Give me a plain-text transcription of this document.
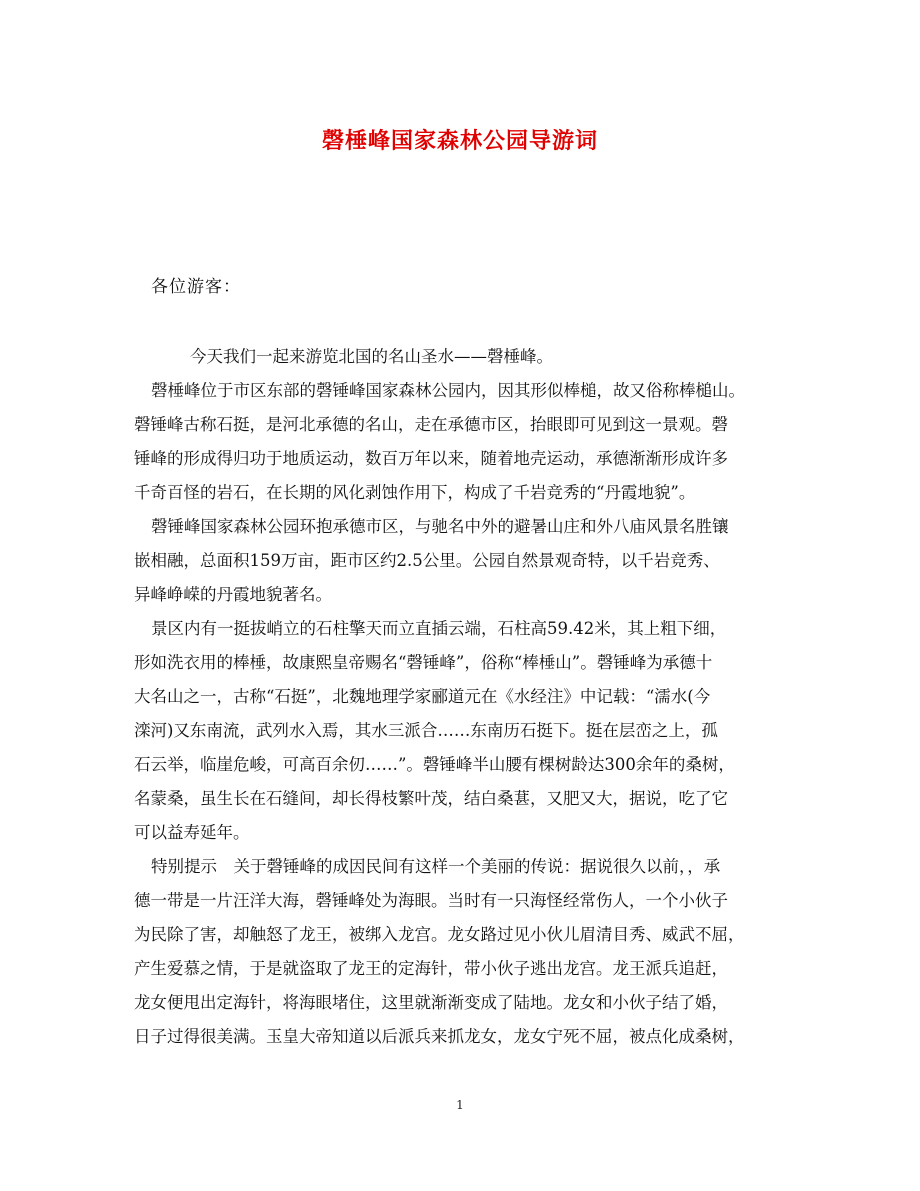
磬棰峰国家森林公园导游词
各位游客：
今天我们一起来游览北国的名山圣水——磬棰峰。
磬棰峰位于市区东部的磬锤峰国家森林公园内，因其形似棒槌，故又俗称棒槌山。
磬锤峰古称石挺，是河北承德的名山，走在承德市区，抬眼即可见到这一景观。磬
锤峰的形成得归功于地质运动，数百万年以来，随着地壳运动，承德渐渐形成许多
千奇百怪的岩石，在长期的风化剥蚀作用下，构成了千岩竞秀的“丹霞地貌”。
磬锤峰国家森林公园环抱承德市区，与驰名中外的避暑山庄和外八庙风景名胜镶
嵌相融，总面积159万亩，距市区约2.5公里。公园自然景观奇特，以千岩竞秀、
异峰峥嵘的丹霞地貌著名。
景区内有一挺拔峭立的石柱擎天而立直插云端，石柱高59.42米，其上粗下细，
形如洗衣用的棒棰，故康熙皇帝赐名“磬锤峰”，俗称“棒棰山”。磬锤峰为承德十
大名山之一，古称“石挺”，北魏地理学家郦道元在《水经注》中记载：“濡水(今
滦河)又东南流，武列水入焉，其水三派合……东南历石挺下。挺在层峦之上，孤
石云举，临崖危峻，可高百余仞……”。磬锤峰半山腰有棵树龄达300余年的桑树，
名蒙桑，虽生长在石缝间，却长得枝繁叶茂，结白桑葚，又肥又大，据说，吃了它
可以益寿延年。
特别提示　关于磬锤峰的成因民间有这样一个美丽的传说：据说很久以前，，承
德一带是一片汪洋大海，磬锤峰处为海眼。当时有一只海怪经常伤人，一个小伙子
为民除了害，却触怒了龙王，被绑入龙宫。龙女路过见小伙儿眉清目秀、威武不屈，
产生爱慕之情，于是就盗取了龙王的定海针，带小伙子逃出龙宫。龙王派兵追赶，
龙女便甩出定海针，将海眼堵住，这里就渐渐变成了陆地。龙女和小伙子结了婚，
日子过得很美满。玉皇大帝知道以后派兵来抓龙女，龙女宁死不屈，被点化成桑树，
1
